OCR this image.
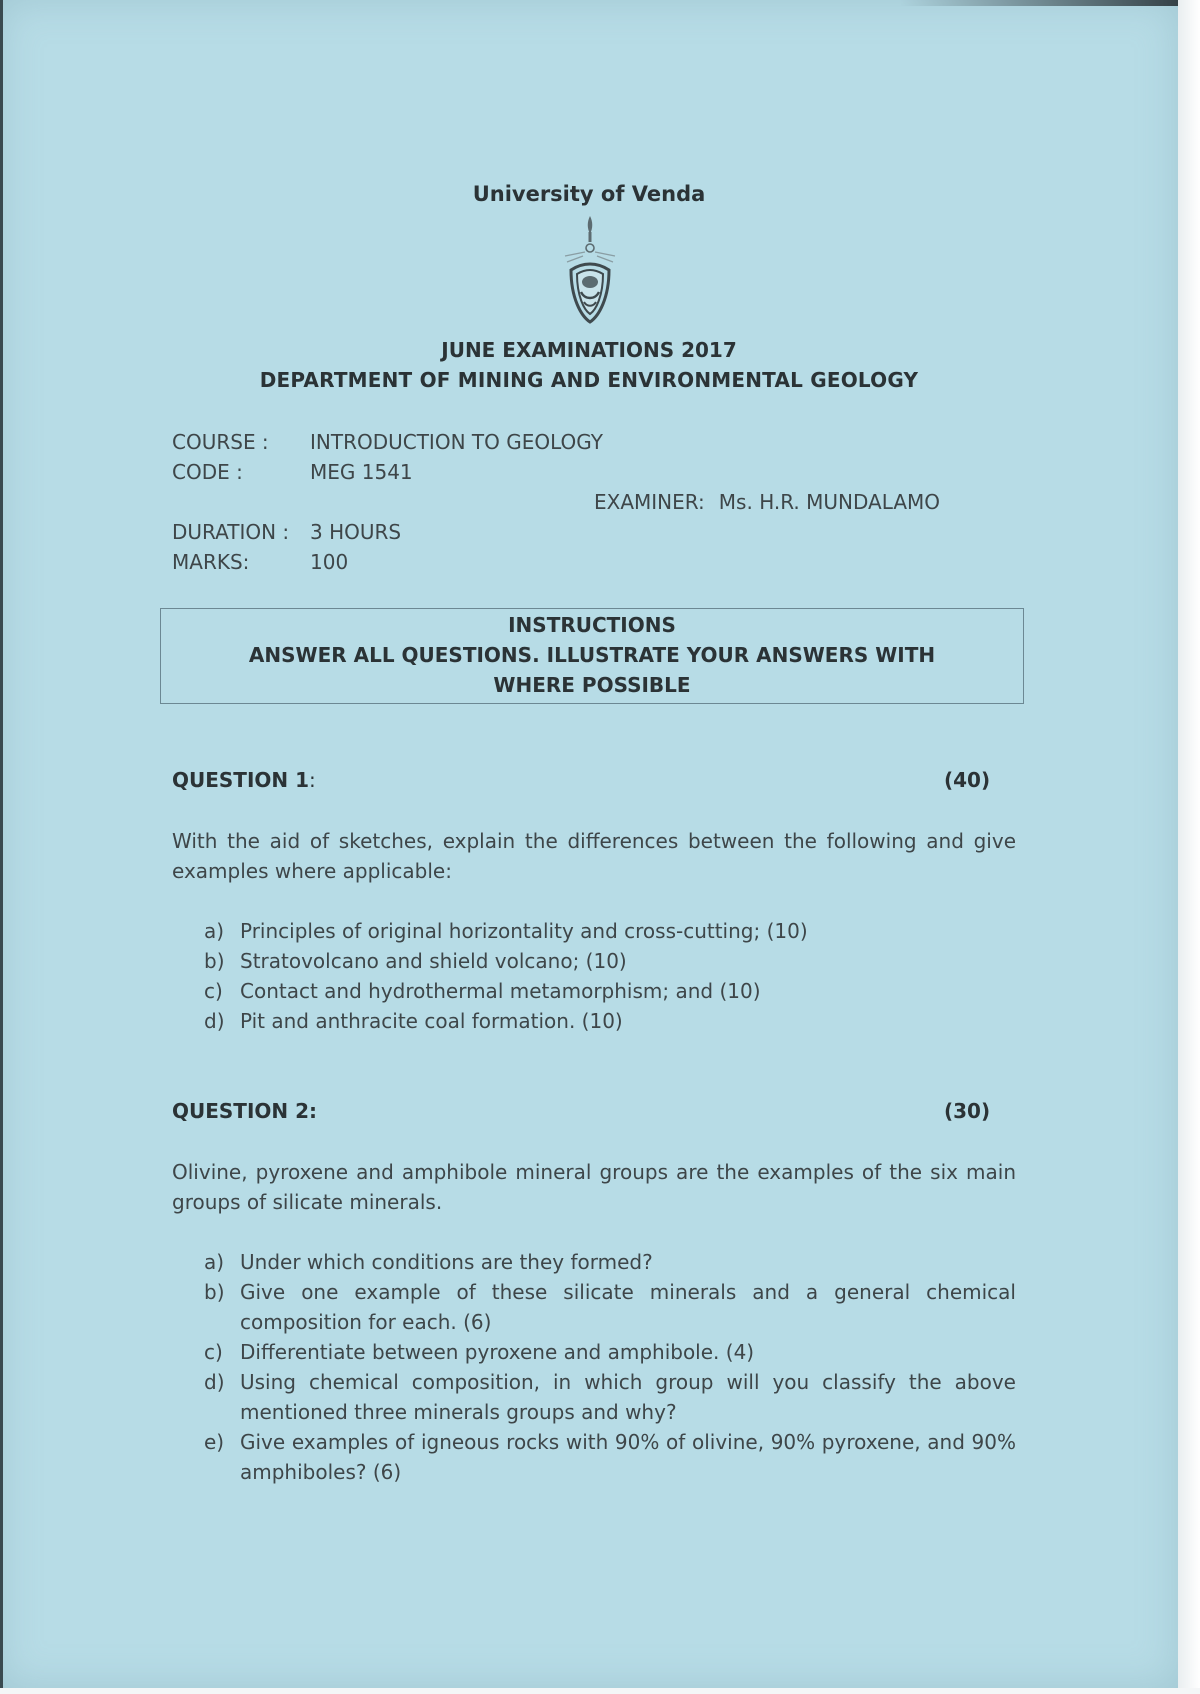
University of Venda
JUNE EXAMINATIONS 2017
DEPARTMENT OF MINING AND ENVIRONMENTAL GEOLOGY
COURSE : INTRODUCTION TO GEOLOGY
CODE :	MEG 1541
EXAMINER: Ms. H.R. MUNDALAMO
DURATION : 3 HOURS
MARKS:	100
INSTRUCTIONS
ANSWER ALL QUESTIONS. ILLUSTRATE YOUR ANSWERS WITH
WHERE POSSIBLE
QUESTION 1:	(40)
With the aid of sketches, explain the differences between the following and give examples where applicable:
a) Principles of original horizontality and cross-cutting; (10)
b) Stratovolcano and shield volcano; (10)
c) Contact and hydrothermal metamorphism; and (10)
d) Pit and anthracite coal formation. (10)
QUESTION 2:	(30)
Olivine, pyroxene and amphibole mineral groups are the examples of the six main groups of silicate minerals.
a) Under which conditions are they formed?
b) Give one example of these silicate minerals and a general chemical composition for each. (6)
c) Differentiate between pyroxene and amphibole. (4)
d) Using chemical composition, in which group will you classify the above mentioned three minerals groups and why?
e) Give examples of igneous rocks with 90% of olivine, 90% pyroxene, and 90% amphiboles? (6)
